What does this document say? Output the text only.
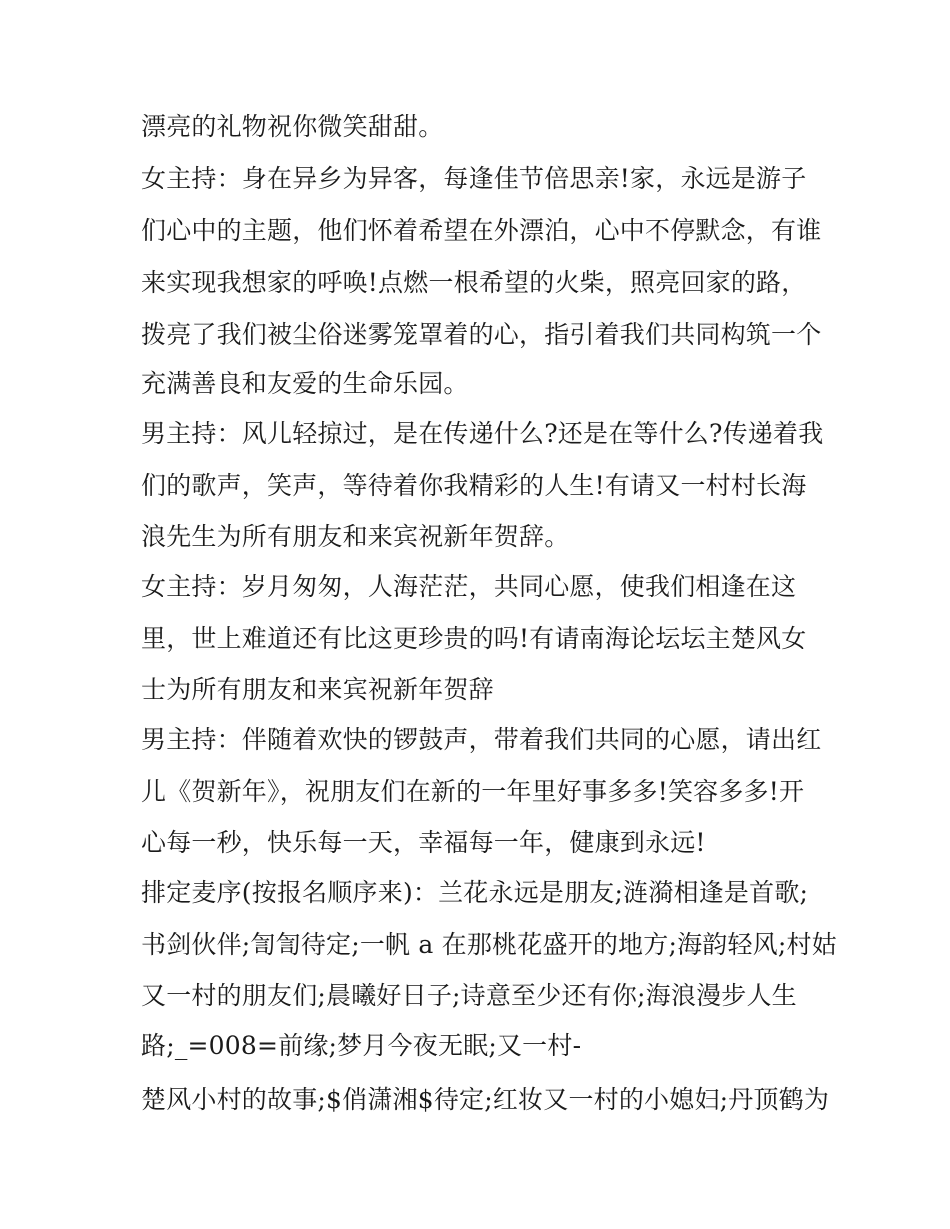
漂亮的礼物祝你微笑甜甜。
女主持：身在异乡为异客，每逢佳节倍思亲!家，永远是游子
们心中的主题，他们怀着希望在外漂泊，心中不停默念，有谁
来实现我想家的呼唤!点燃一根希望的火柴，照亮回家的路，
拨亮了我们被尘俗迷雾笼罩着的心，指引着我们共同构筑一个
充满善良和友爱的生命乐园。
男主持：风儿轻掠过，是在传递什么?还是在等什么?传递着我
们的歌声，笑声，等待着你我精彩的人生!有请又一村村长海
浪先生为所有朋友和来宾祝新年贺辞。
女主持：岁月匆匆，人海茫茫，共同心愿，使我们相逢在这
里，世上难道还有比这更珍贵的吗!有请南海论坛坛主楚风女
士为所有朋友和来宾祝新年贺辞
男主持：伴随着欢快的锣鼓声，带着我们共同的心愿，请出红
儿《贺新年》，祝朋友们在新的一年里好事多多!笑容多多!开
心每一秒，快乐每一天，幸福每一年，健康到永远!
排定麦序(按报名顺序来)：兰花永远是朋友;涟漪相逢是首歌;
书剑伙伴;訇訇待定;一帆 a 在那桃花盛开的地方;海韵轻风;村姑
又一村的朋友们;晨曦好日子;诗意至少还有你;海浪漫步人生
路;_=008=前缘;梦月今夜无眠;又一村-
楚风小村的故事;$俏潇湘$待定;红妆又一村的小媳妇;丹顶鹤为
